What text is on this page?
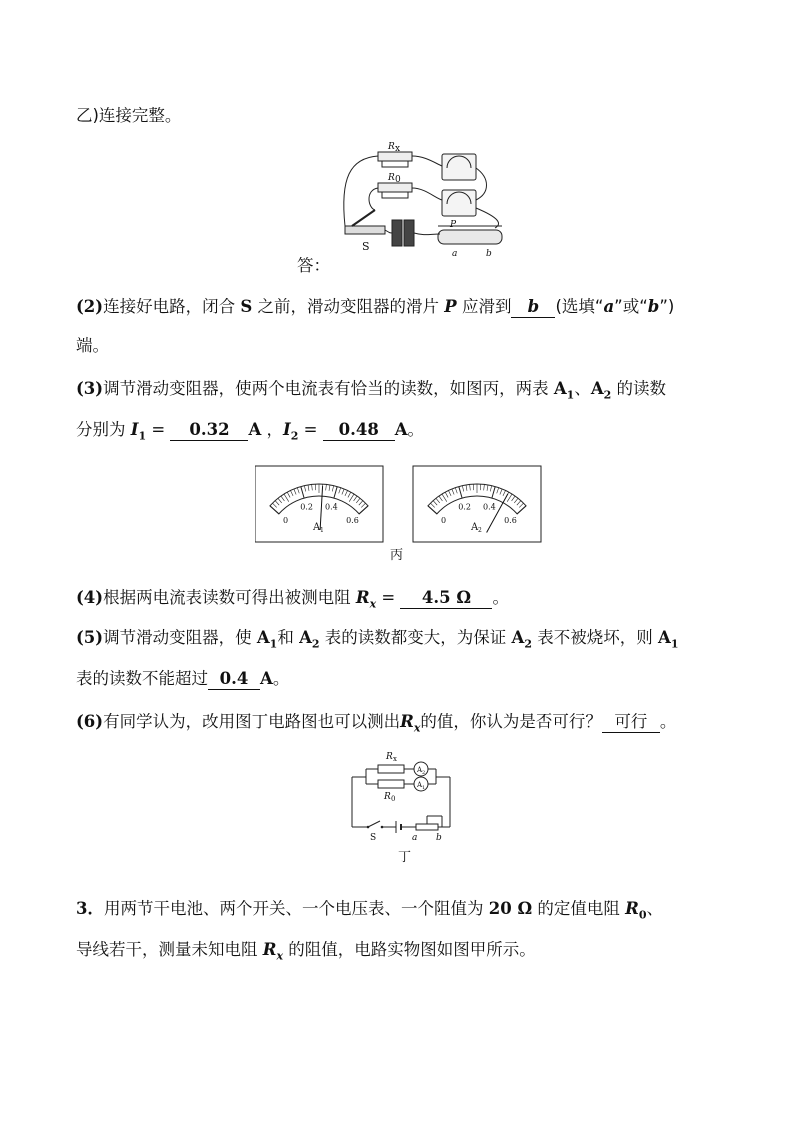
乙)连接完整。
R x
R 0
S
P
a	b
答：
(2)连接好电路，闭合 S 之前，滑动变阻器的滑片 P 应滑到 b (选填“a”或“b”)
端。
(3)调节滑动变阻器，使两个电流表有恰当的读数，如图丙，两表 $A_1$、$A_2$ 的读数
分别为 $I_1 = 0.32$ A ，$I_2 = 0.48$ A。
0
0.2 0.4
0.6
A 1
0
0.2 0.4
0.6
A 2
丙
(4)根据两电流表读数可得出被测电阻 $R_x = 4.5$ Ω 。
(5)调节滑动变阻器，使 $A_1$和 $A_2$ 表的读数都变大，为保证 $A_2$ 表不被烧坏，则 $A_1$
表的读数不能超过 0.4 A。
(6)有同学认为，改用图丁电路图也可以测出$R_x$的值，你认为是否可行？ 可行 。
R x
R 0
A 2
A 1
S	a b
丁
3．用两节干电池、两个开关、一个电压表、一个阻值为 20 Ω 的定值电阻 $R_0$、
导线若干，测量未知电阻 $R_x$ 的阻值，电路实物图如图甲所示。
